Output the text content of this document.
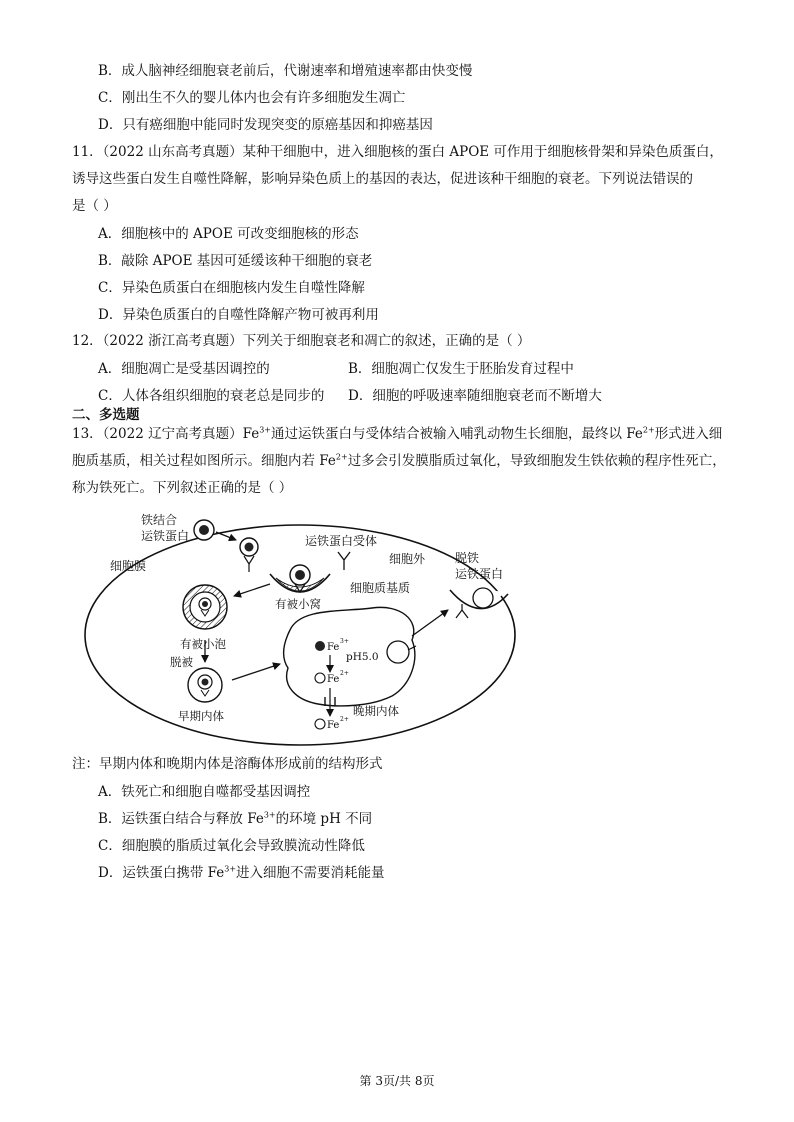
B．成人脑神经细胞衰老前后，代谢速率和增殖速率都由快变慢
C．刚出生不久的婴儿体内也会有许多细胞发生凋亡
D．只有癌细胞中能同时发现突变的原癌基因和抑癌基因
11．（2022 山东高考真题）某种干细胞中，进入细胞核的蛋白 APOE 可作用于细胞核骨架和异染色质蛋白，
诱导这些蛋白发生自噬性降解，影响异染色质上的基因的表达，促进该种干细胞的衰老。下列说法错误的
是（ ）
A．细胞核中的 APOE 可改变细胞核的形态
B．敲除 APOE 基因可延缓该种干细胞的衰老
C．异染色质蛋白在细胞核内发生自噬性降解
D．异染色质蛋白的自噬性降解产物可被再利用
12．（2022 浙江高考真题）下列关于细胞衰老和凋亡的叙述，正确的是（ ）
A．细胞凋亡是受基因调控的	B．细胞凋亡仅发生于胚胎发育过程中
C．人体各组织细胞的衰老总是同步的 D．细胞的呼吸速率随细胞衰老而不断增大
二、多选题
13．（2022 辽宁高考真题）$Fe^{3+}$通过运铁蛋白与受体结合被输入哺乳动物生长细胞，最终以 $Fe^{2+}$形式进入细
胞质基质，相关过程如图所示。细胞内若 $Fe^{2+}$过多会引发膜脂质过氧化，导致细胞发生铁依赖的程序性死亡，
称为铁死亡。下列叙述正确的是（ ）
Fe
3+
pH5.0
Fe
2+
Fe
2+
铁结合
运铁蛋白	运铁蛋白受体
细胞外 脱铁
运铁蛋白
细胞膜
有被小窝
细胞质基质
有被小泡
脱被
早期内体	晚期内体
注：早期内体和晚期内体是溶酶体形成前的结构形式
A．铁死亡和细胞自噬都受基因调控
B．运铁蛋白结合与释放 $Fe^{3+}$的环境 pH 不同
C．细胞膜的脂质过氧化会导致膜流动性降低
D．运铁蛋白携带 $Fe^{3+}$进入细胞不需要消耗能量
第 3页/共 8页
